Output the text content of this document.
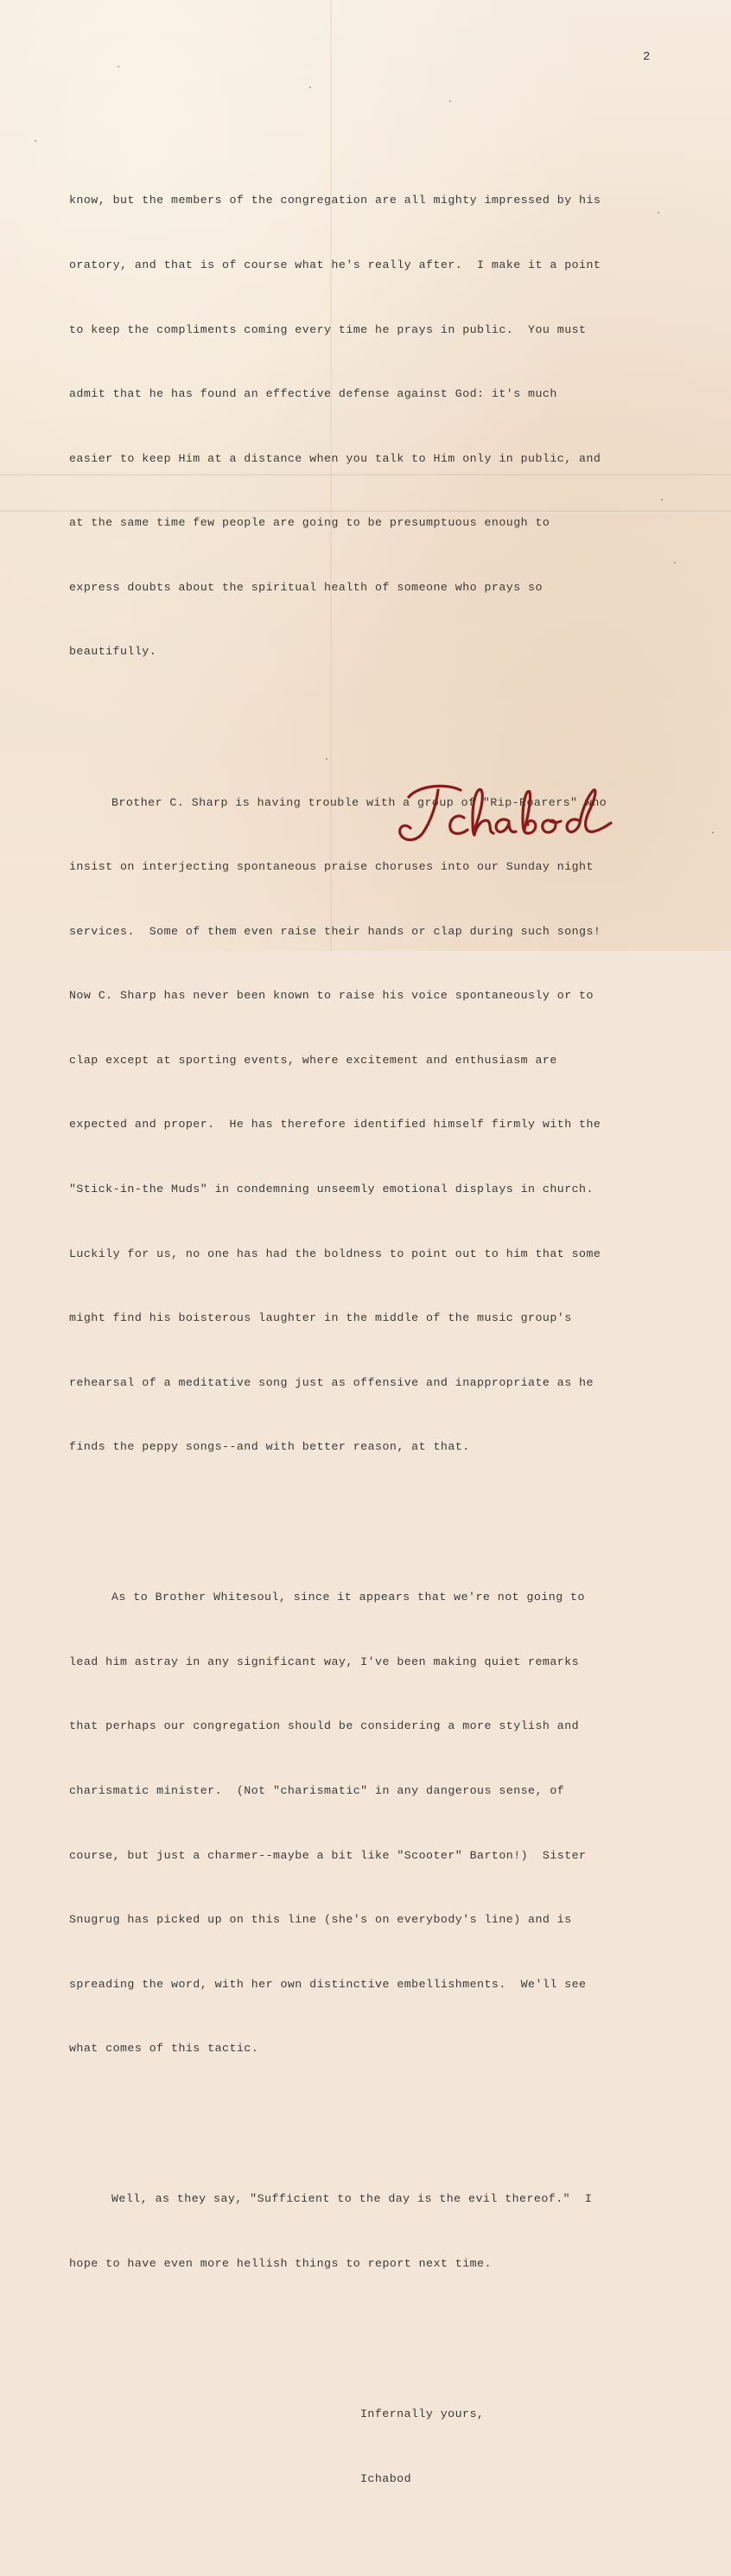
2

know, but the members of the congregation are all mighty impressed by his

oratory, and that is of course what he's really after.  I make it a point

to keep the compliments coming every time he prays in public.  You must

admit that he has found an effective defense against God: it's much

easier to keep Him at a distance when you talk to Him only in public, and

at the same time few people are going to be presumptuous enough to

express doubts about the spiritual health of someone who prays so

beautifully.

Brother C. Sharp is having trouble with a group of "Rip-Roarers" who

insist on interjecting spontaneous praise choruses into our Sunday night

services.  Some of them even raise their hands or clap during such songs!

Now C. Sharp has never been known to raise his voice spontaneously or to

clap except at sporting events, where excitement and enthusiasm are

expected and proper.  He has therefore identified himself firmly with the

"Stick-in-the Muds" in condemning unseemly emotional displays in church.

Luckily for us, no one has had the boldness to point out to him that some

might find his boisterous laughter in the middle of the music group's

rehearsal of a meditative song just as offensive and inappropriate as he

finds the peppy songs--and with better reason, at that.

As to Brother Whitesoul, since it appears that we're not going to

lead him astray in any significant way, I've been making quiet remarks

that perhaps our congregation should be considering a more stylish and

charismatic minister.  (Not "charismatic" in any dangerous sense, of

course, but just a charmer--maybe a bit like "Scooter" Barton!)  Sister

Snugrug has picked up on this line (she's on everybody's line) and is

spreading the word, with her own distinctive embellishments.  We'll see

what comes of this tactic.

Well, as they say, "Sufficient to the day is the evil thereof."  I

hope to have even more hellish things to report next time.

Infernally yours,

Ichabod
